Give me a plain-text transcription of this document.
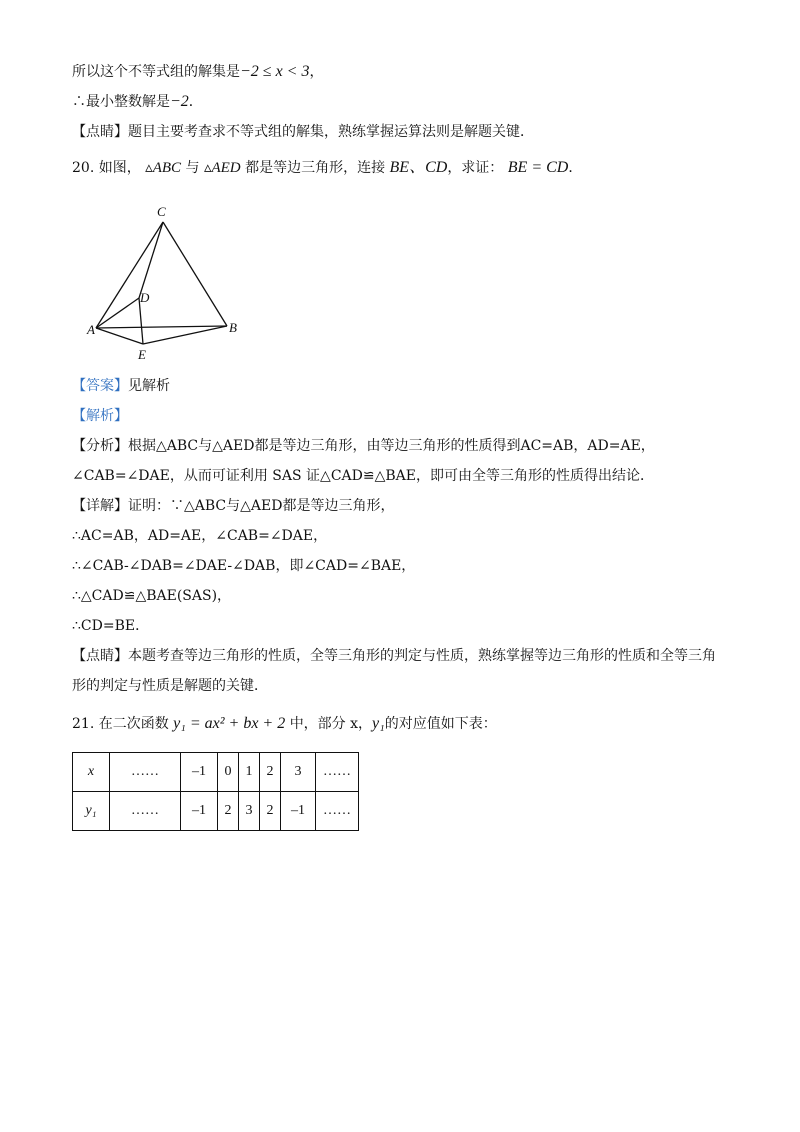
所以这个不等式组的解集是−2 ≤ x < 3，
∴最小整数解是−2．
【点睛】题目主要考查求不等式组的解集，熟练掌握运算法则是解题关键．
20. 如图， ▵ABC 与 ▵AED 都是等边三角形，连接 BE、CD，求证： BE = CD．
C
D
A	B
E
【答案】见解析
【解析】
【分析】根据△ABC与△AED都是等边三角形，由等边三角形的性质得到AC=AB，AD=AE，
∠CAB=∠DAE，从而可证利用 SAS 证△CAD≌△BAE，即可由全等三角形的性质得出结论．
【详解】证明：∵△ABC与△AED都是等边三角形，
∴AC=AB，AD=AE，∠CAB=∠DAE，
∴∠CAB-∠DAB=∠DAE-∠DAB，即∠CAD=∠BAE，
∴△CAD≌△BAE(SAS)，
∴CD=BE．
【点睛】本题考查等边三角形的性质，全等三角形的判定与性质，熟练掌握等边三角形的性质和全等三角
形的判定与性质是解题的关键．
21. 在二次函数 y₁ = ax² + bx + 2 中，部分 x，y₁的对应值如下表：
x	……	–1	0	1	2	3	……
y₁	……	–1	2	3	2	–1	……
